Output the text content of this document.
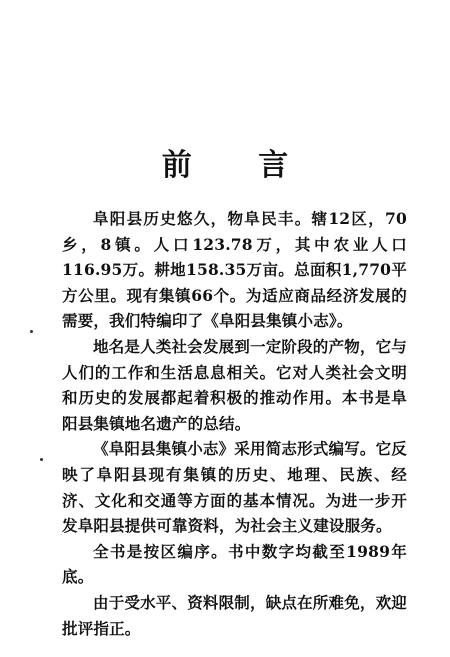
前 言

阜阳县历史悠久，物阜民丰。辖12区，70乡，8镇。人口123.78万，其中农业人口116.95万。耕地158.35万亩。总面积1,770平方公里。现有集镇66个。为适应商品经济发展的需要，我们特编印了《阜阳县集镇小志》。

地名是人类社会发展到一定阶段的产物，它与人们的工作和生活息息相关。它对人类社会文明和历史的发展都起着积极的推动作用。本书是阜阳县集镇地名遗产的总结。

《阜阳县集镇小志》采用简志形式编写。它反映了阜阳县现有集镇的历史、地理、民族、经济、文化和交通等方面的基本情况。为进一步开发阜阳县提供可靠资料，为社会主义建设服务。

全书是按区编序。书中数字均截至1989年底。

由于受水平、资料限制，缺点在所难免，欢迎批评指正。
